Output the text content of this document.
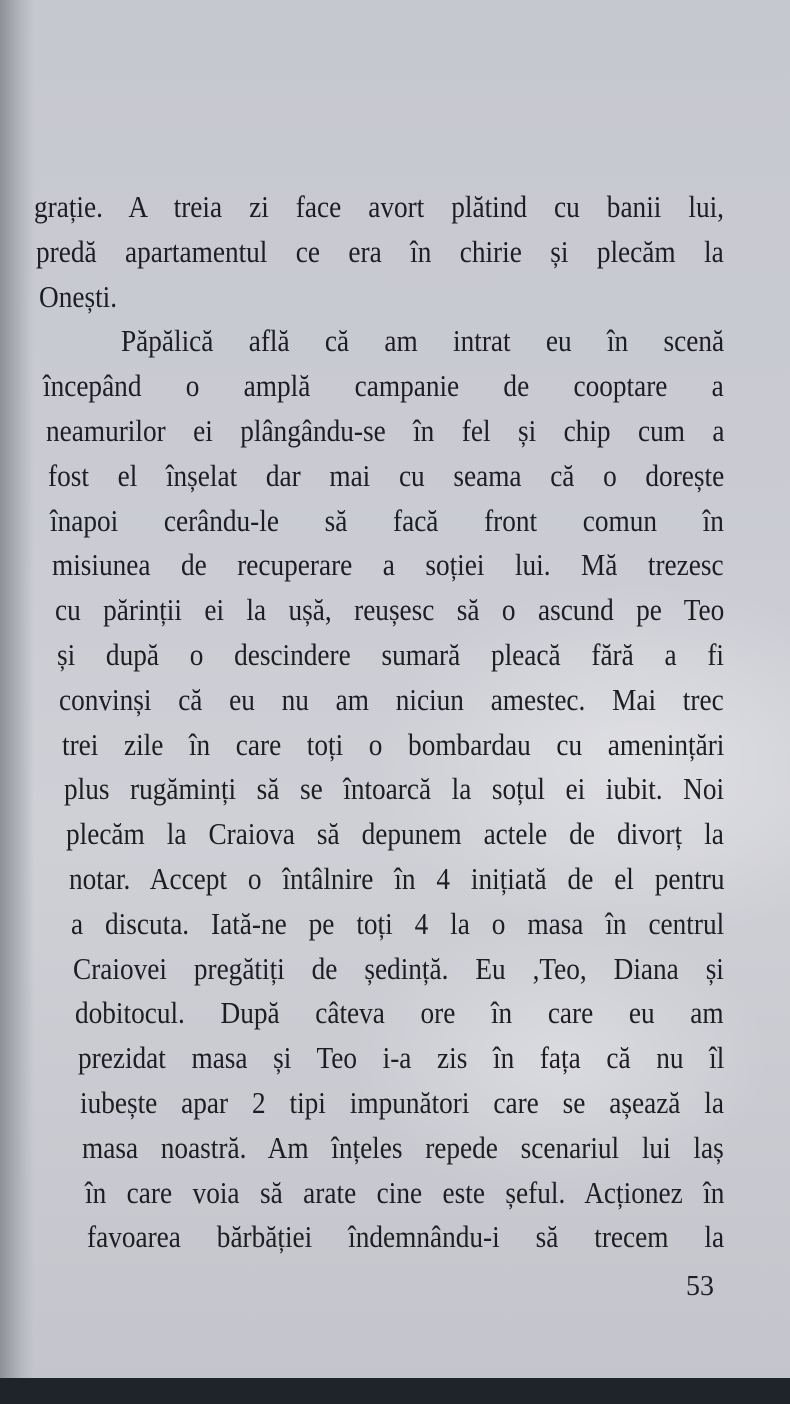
grație. A treia zi face avort plătind cu banii lui,
predă apartamentul ce era în chirie și plecăm la
Onești.
Păpălică află că am intrat eu în scenă
începând o amplă campanie de cooptare a
neamurilor ei plângându-se în fel și chip cum a
fost el înșelat dar mai cu seama că o dorește
înapoi cerându-le să facă front comun în
misiunea de recuperare a soției lui. Mă trezesc
cu părinții ei la ușă, reușesc să o ascund pe Teo
și după o descindere sumară pleacă fără a fi
convinși că eu nu am niciun amestec. Mai trec
trei zile în care toți o bombardau cu amenințări
plus rugăminți să se întoarcă la soțul ei iubit. Noi
plecăm la Craiova să depunem actele de divorț la
notar. Accept o întâlnire în 4 inițiată de el pentru
a discuta. Iată-ne pe toți 4 la o masa în centrul
Craiovei pregătiți de ședință. Eu ,Teo, Diana și
dobitocul. După câteva ore în care eu am
prezidat masa și Teo i-a zis în fața că nu îl
iubește apar 2 tipi impunători care se așează la
masa noastră. Am înțeles repede scenariul lui laș
în care voia să arate cine este șeful. Acționez în
favoarea bărbăției îndemnându-i să trecem la
53
